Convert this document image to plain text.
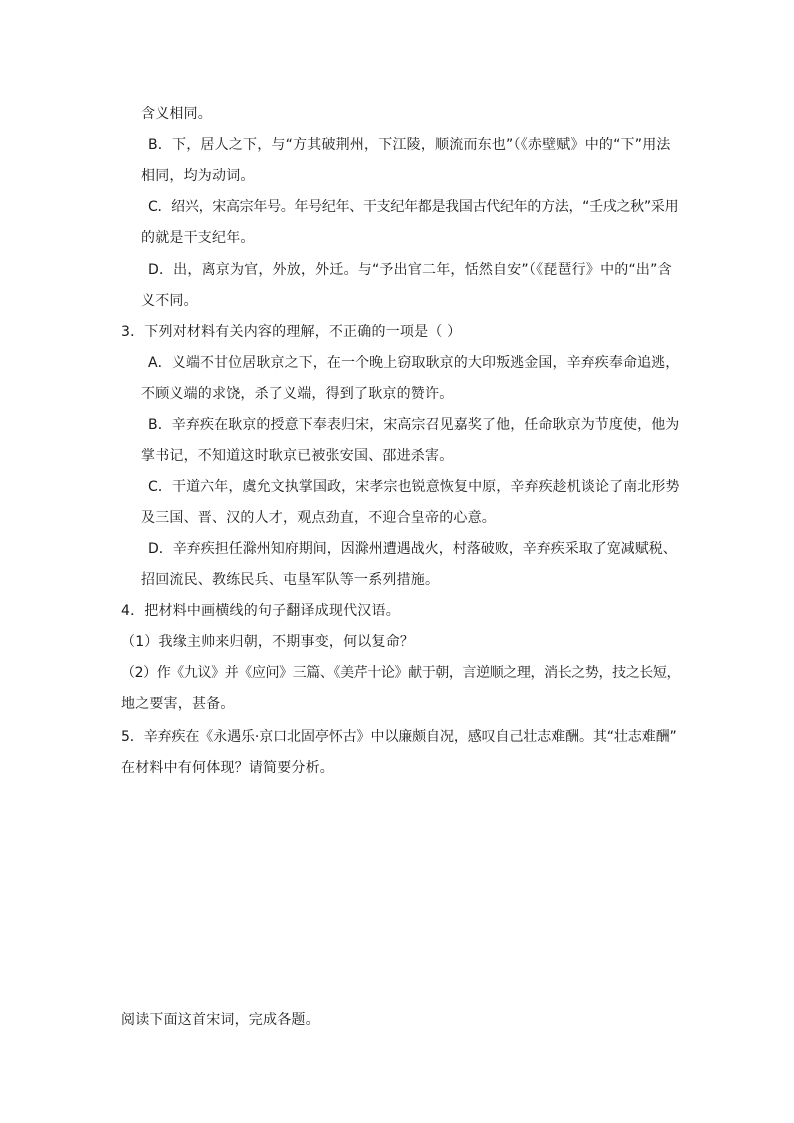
含义相同。
B．下，居人之下，与“方其破荆州，下江陵，顺流而东也”（《赤壁赋》中的“下”用法
相同，均为动词。
C．绍兴，宋高宗年号。年号纪年、干支纪年都是我国古代纪年的方法，“壬戌之秋”采用
的就是干支纪年。
D．出，离京为官，外放，外迁。与“予出官二年，恬然自安”（《琵琶行》中的“出”含
义不同。
3．下列对材料有关内容的理解，不正确的一项是（ ）
A．义端不甘位居耿京之下，在一个晚上窃取耿京的大印叛逃金国，辛弃疾奉命追逃，
不顾义端的求饶，杀了义端，得到了耿京的赞许。
B．辛弃疾在耿京的授意下奉表归宋，宋高宗召见嘉奖了他，任命耿京为节度使，他为
掌书记，不知道这时耿京已被张安国、邵进杀害。
C．干道六年，虞允文执掌国政，宋孝宗也锐意恢复中原，辛弃疾趁机谈论了南北形势
及三国、晋、汉的人才，观点劲直，不迎合皇帝的心意。
D．辛弃疾担任滁州知府期间，因滁州遭遇战火，村落破败，辛弃疾采取了宽减赋税、
招回流民、教练民兵、屯垦军队等一系列措施。
4．把材料中画横线的句子翻译成现代汉语。
（1）我缘主帅来归朝，不期事变，何以复命？
（2）作《九议》并《应问》三篇、《美芹十论》献于朝，言逆顺之理，消长之势，技之长短，
地之要害，甚备。
5．辛弃疾在《永遇乐·京口北固亭怀古》中以廉颇自况，感叹自己壮志难酬。其“壮志难酬”
在材料中有何体现？请简要分析。
阅读下面这首宋词，完成各题。
